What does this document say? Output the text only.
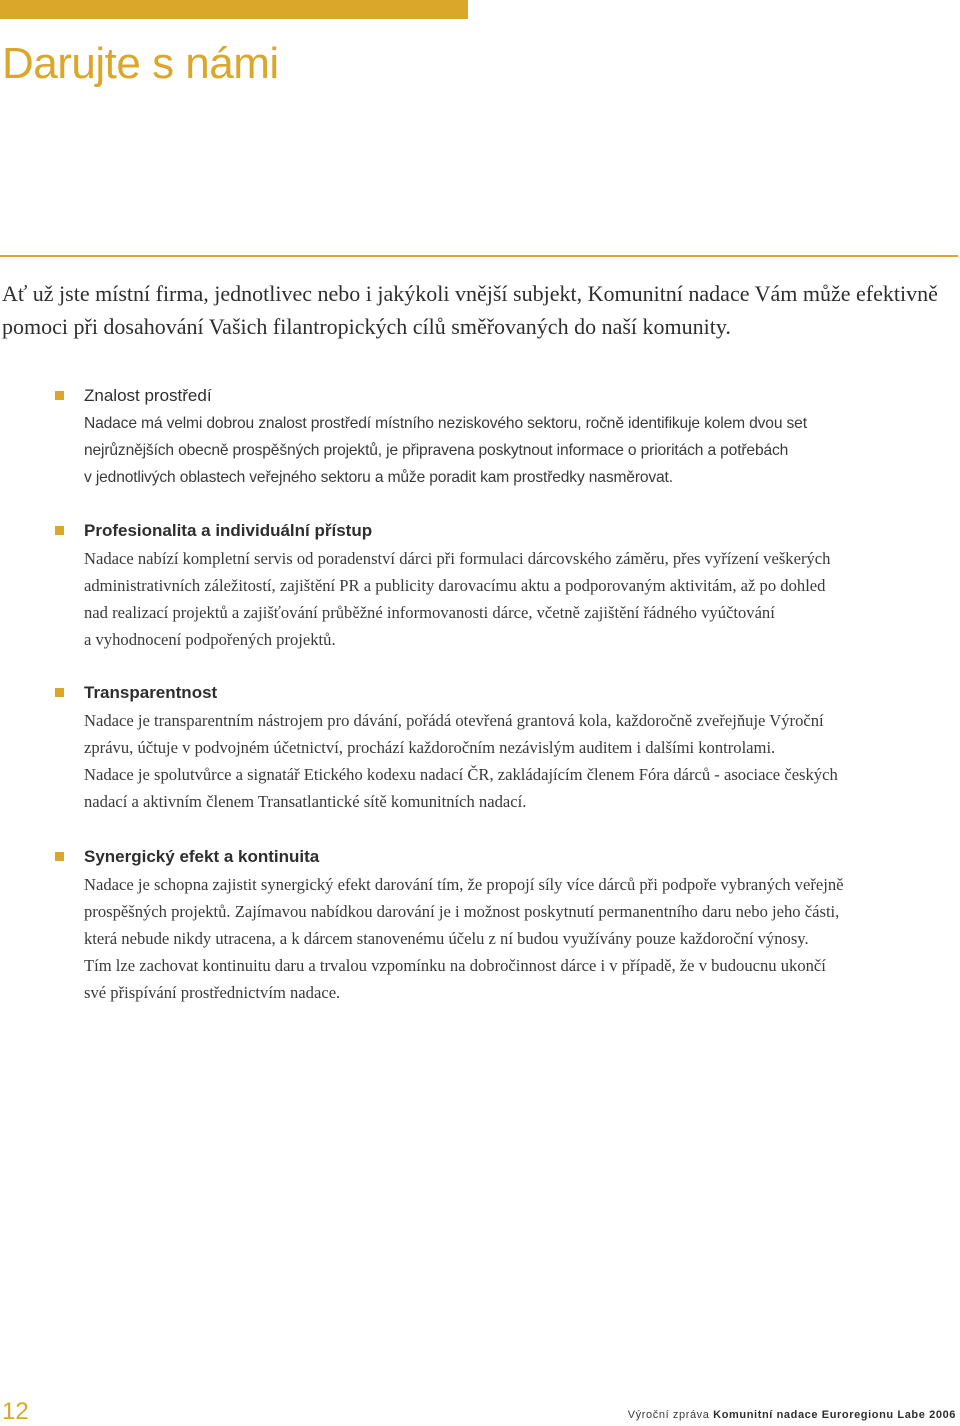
Darujte s námi

Ať už jste místní firma, jednotlivec nebo i jakýkoli vnější subjekt, Komunitní nadace Vám může efektivně pomoci při dosahování Vašich filantropických cílů směřovaných do naší komunity.

Znalost prostředí

Nadace má velmi dobrou znalost prostředí místního neziskového sektoru, ročně identifikuje kolem dvou set
nejrůznějších obecně prospěšných projektů, je připravena poskytnout informace o prioritách a potřebách
v jednotlivých oblastech veřejného sektoru a může poradit kam prostředky nasměrovat.

Profesionalita a individuální přístup

Nadace nabízí kompletní servis od poradenství dárci při formulaci dárcovského záměru, přes vyřízení veškerých
administrativních záležitostí, zajištění PR a publicity darovacímu aktu a podporovaným aktivitám, až po dohled
nad realizací projektů a zajišťování průběžné informovanosti dárce, včetně zajištění řádného vyúčtování
a vyhodnocení podpořených projektů.

Transparentnost

Nadace je transparentním nástrojem pro dávání, pořádá otevřená grantová kola, každoročně zveřejňuje Výroční
zprávu, účtuje v podvojném účetnictví, prochází každoročním nezávislým auditem i dalšími kontrolami.
Nadace je spolutvůrce a signatář Etického kodexu nadací ČR, zakládajícím členem Fóra dárců - asociace českých
nadací a aktivním členem Transatlantické sítě komunitních nadací.

Synergický efekt a kontinuita

Nadace je schopna zajistit synergický efekt darování tím, že propojí síly více dárců při podpoře vybraných veřejně
prospěšných projektů. Zajímavou nabídkou darování je i možnost poskytnutí permanentního daru nebo jeho části,
která nebude nikdy utracena, a k dárcem stanovenému účelu z ní budou využívány pouze každoroční výnosy.
Tím lze zachovat kontinuitu daru a trvalou vzpomínku na dobročinnost dárce i v případě, že v budoucnu ukončí
své přispívání prostřednictvím nadace.

12	Výroční zpráva Komunitní nadace Euroregionu Labe 2006
